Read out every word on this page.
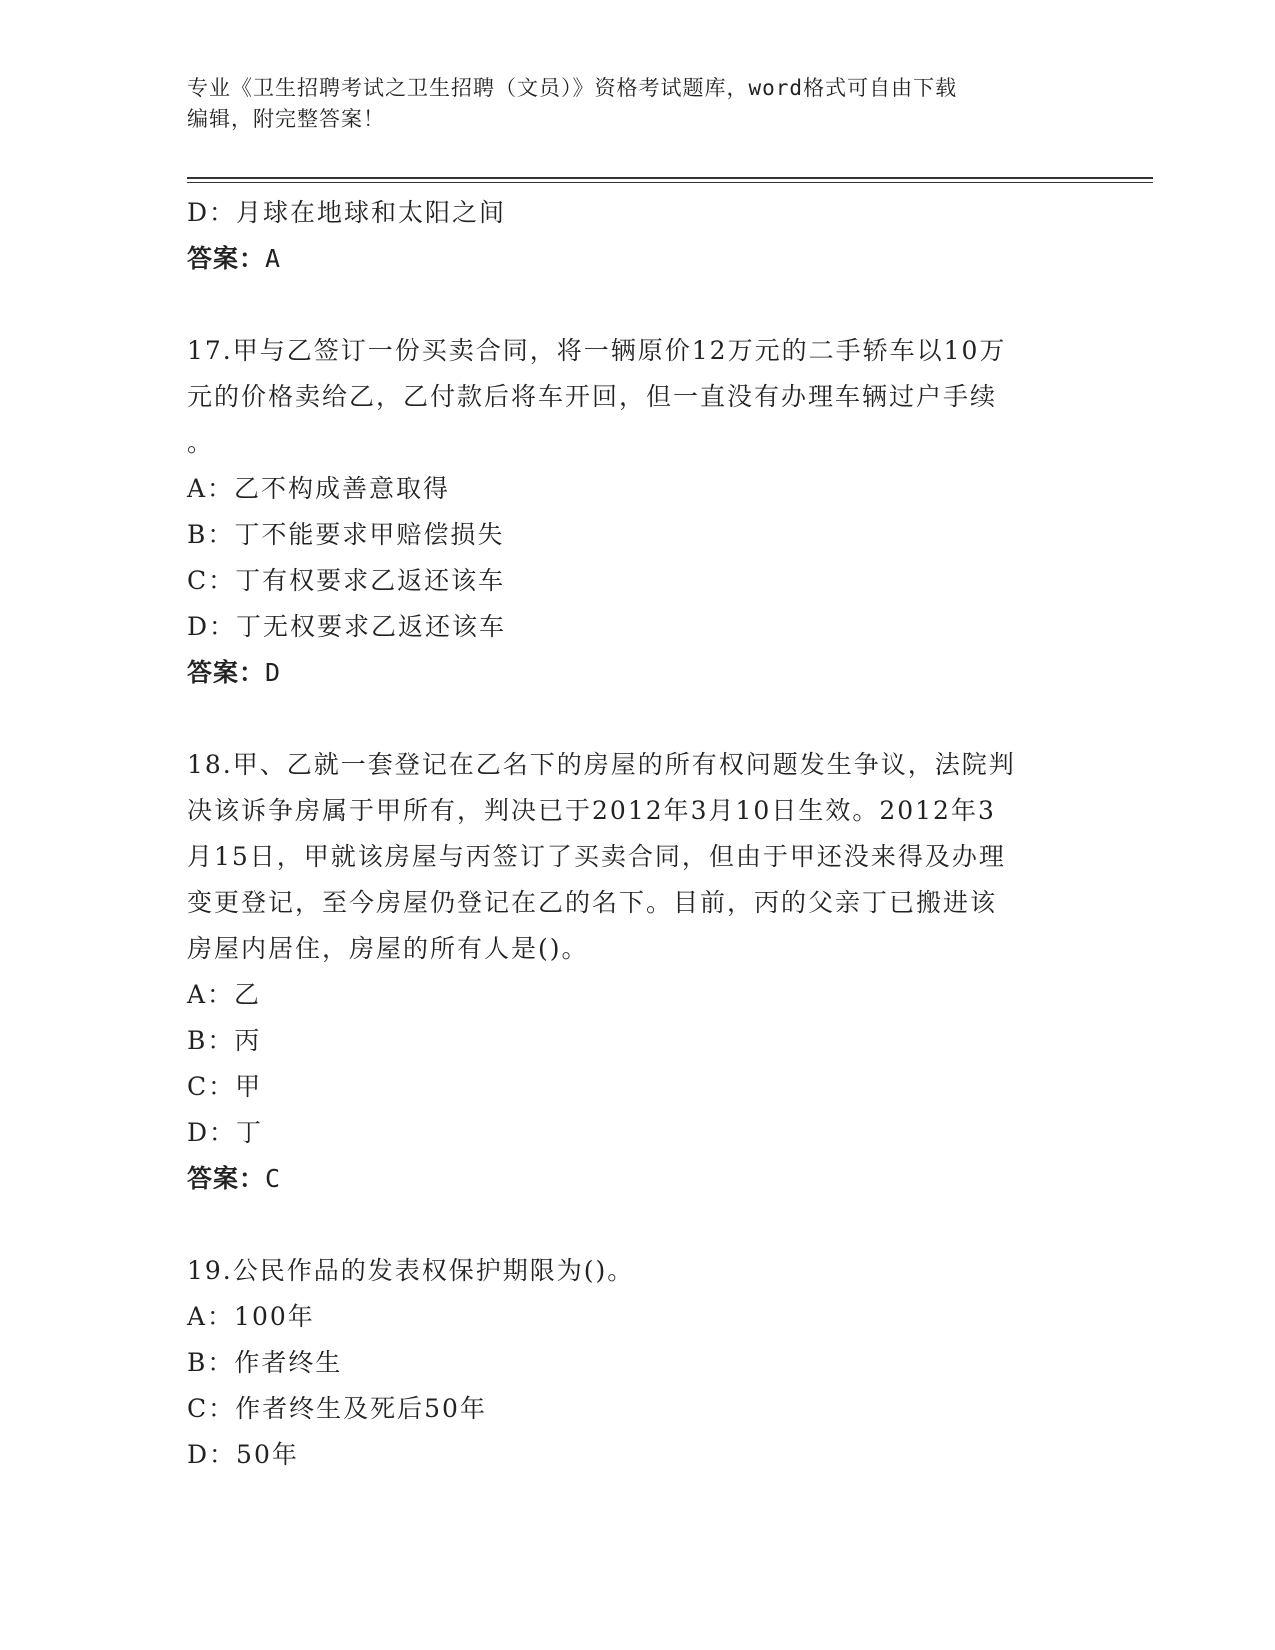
专业《卫生招聘考试之卫生招聘（文员）》资格考试题库，word格式可自由下载
编辑，附完整答案！
D：月球在地球和太阳之间
答案：A
17.甲与乙签订一份买卖合同，将一辆原价12万元的二手轿车以10万
元的价格卖给乙，乙付款后将车开回，但一直没有办理车辆过户手续
。
A：乙不构成善意取得
B：丁不能要求甲赔偿损失
C：丁有权要求乙返还该车
D：丁无权要求乙返还该车
答案：D
18.甲、乙就一套登记在乙名下的房屋的所有权问题发生争议，法院判
决该诉争房属于甲所有，判决已于2012年3月10日生效。2012年3
月15日，甲就该房屋与丙签订了买卖合同，但由于甲还没来得及办理
变更登记，至今房屋仍登记在乙的名下。目前，丙的父亲丁已搬进该
房屋内居住，房屋的所有人是()。
A：乙
B：丙
C：甲
D：丁
答案：C
19.公民作品的发表权保护期限为()。
A：100年
B：作者终生
C：作者终生及死后50年
D：50年
